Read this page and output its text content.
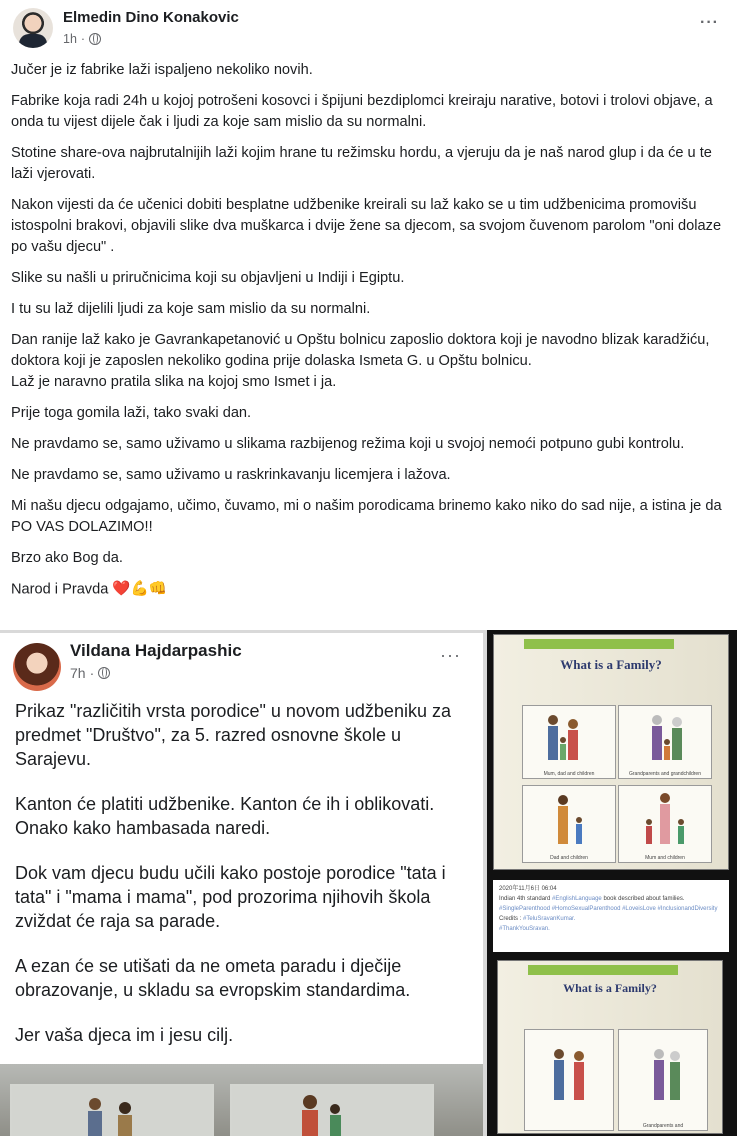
Elmedin Dino Konakovic
1h ·
···

Jučer je iz fabrike laži ispaljeno nekoliko novih.

Fabrike koja radi 24h u kojoj potrošeni kosovci i špijuni bezdiplomci kreiraju narative, botovi i trolovi objave, a onda tu vijest dijele čak i ljudi za koje sam mislio da su normalni.

Stotine share-ova najbrutalnijih laži kojim hrane tu režimsku hordu, a vjeruju da je naš narod glup i da će u te laži vjerovati.

Nakon vijesti da će učenici dobiti besplatne udžbenike kreirali su laž kako se u tim udžbenicima promovišu istospolni brakovi, objavili slike dva muškarca i dvije žene sa djecom, sa svojom čuvenom parolom "oni dolaze po vašu djecu" .

Slike su našli u priručnicima koji su objavljeni u Indiji i Egiptu.

I tu su laž dijelili ljudi za koje sam mislio da su normalni.

Dan ranije laž kako je Gavrankapetanović u Opštu bolnicu zaposlio doktora koji je navodno blizak karadžiću, doktora koji je zaposlen nekoliko godina prije dolaska Ismeta G. u Opštu bolnicu.

Laž je naravno pratila slika na kojoj smo Ismet i ja.

Prije toga gomila laži, tako svaki dan.

Ne pravdamo se, samo uživamo u slikama razbijenog režima koji u svojoj nemoći potpuno gubi kontrolu.

Ne pravdamo se, samo uživamo u raskrinkavanju licemjera i lažova.

Mi našu djecu odgajamo, učimo, čuvamo, mi o našim porodicama brinemo kako niko do sad nije, a istina je da PO VAS DOLAZIMO!!

Brzo ako Bog da.

Narod i Pravda ❤️💪👊

Vildana Hajdarpashic
7h ·
···

Prikaz "različitih vrsta porodice" u novom udžbeniku za predmet "Društvo", za 5. razred osnovne škole u Sarajevu.

Kanton će platiti udžbenike. Kanton će ih i oblikovati. Onako kako hambasada naredi.

Dok vam djecu budu učili kako postoje porodice "tata i tata" i "mama i mama", pod prozorima njihovih škola zviždat će raja sa parade.

A ezan će se utišati da ne ometa paradu i dječije obrazovanje, u skladu sa evropskim standardima.

Jer vaša djeca im i jesu cilj.

What is a Family?
Mum, dad and children	Grandparents and grandchildren
Dad and children	Mum and children
2020年11月6日 06:04
Indian 4th standard #EnglishLanguage book described about families.
#SingleParenthood #HomoSexualParenthood #LoveisLove #InclusionandDiversity
Credits : #TeluSravanKumar.
#ThankYouSravan.
What is a Family?
Grandparents and
